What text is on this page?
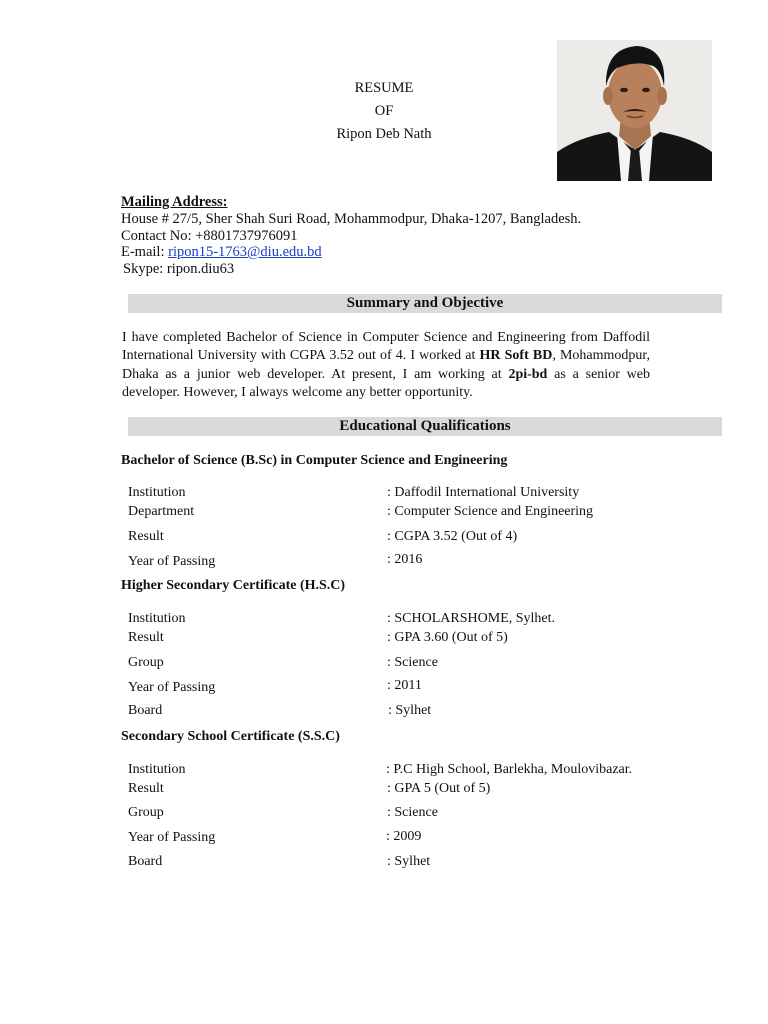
RESUME
OF
Ripon Deb Nath
Mailing Address:
House # 27/5, Sher Shah Suri Road, Mohammodpur, Dhaka-1207, Bangladesh.
Contact No: +8801737976091
E-mail: ripon15-1763@diu.edu.bd
Skype: ripon.diu63
Summary and Objective
I have completed Bachelor of Science in Computer Science and Engineering from Daffodil International University with CGPA 3.52 out of 4. I worked at HR Soft BD, Mohammodpur, Dhaka as a junior web developer. At present, I am working at 2pi-bd as a senior web developer. However, I always welcome any better opportunity.
Educational Qualifications
Bachelor of Science (B.Sc) in Computer Science and Engineering
Institution	: Daffodil International University
Department	: Computer Science and Engineering
Result	: CGPA 3.52 (Out of 4)
Year of Passing	: 2016
Higher Secondary Certificate (H.S.C)
Institution	: SCHOLARSHOME, Sylhet.
Result	: GPA 3.60 (Out of 5)
Group	: Science
Year of Passing	: 2011
Board	: Sylhet
Secondary School Certificate (S.S.C)
Institution	: P.C High School, Barlekha, Moulovibazar.
Result	: GPA 5 (Out of 5)
Group	: Science
Year of Passing	: 2009
Board	: Sylhet
